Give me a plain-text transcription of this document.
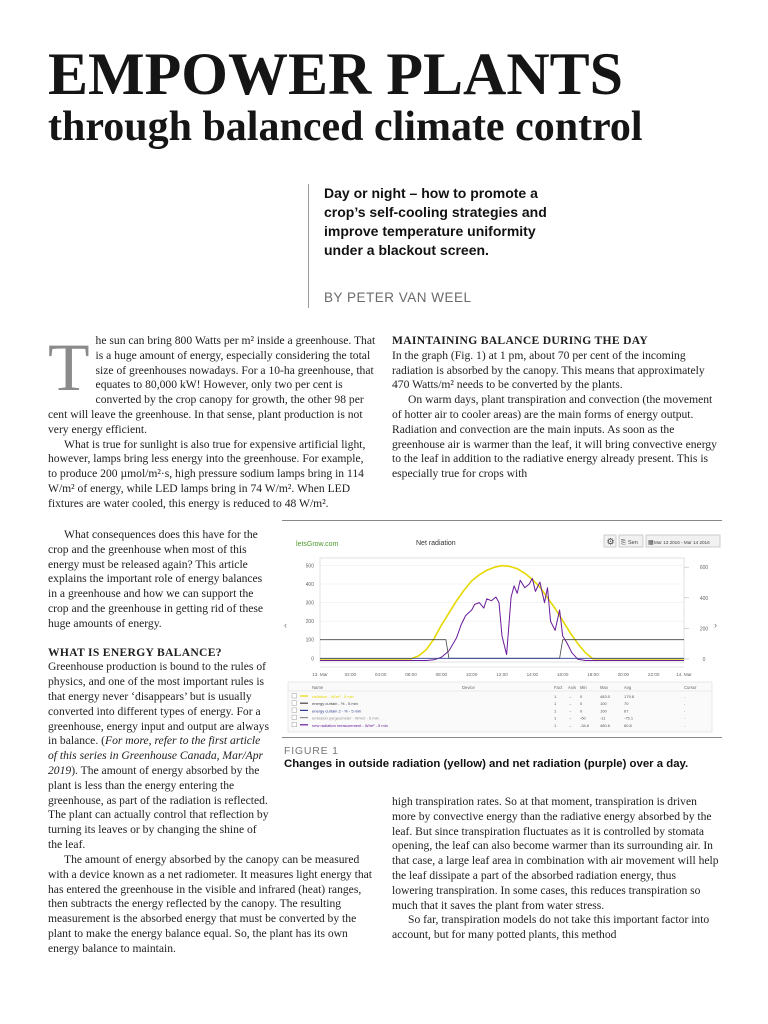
EMPOWER PLANTS
through balanced climate control

Day or night – how to promote a crop’s self-cooling strategies and improve temperature uniformity under a blackout screen.

BY PETER VAN WEEL

T he sun can bring 800 Watts per m² inside a greenhouse. That is a huge amount of energy, especially considering the total size of greenhouses nowadays. For a 10-ha greenhouse, that equates to 80,000 kW! However, only two per cent is converted by the crop canopy for growth, the other 98 per cent will leave the greenhouse. In that sense, plant production is not very energy efficient.

What is true for sunlight is also true for expensive artificial light, however, lamps bring less energy into the greenhouse. For example, to produce 200 µmol/m²·s, high pressure sodium lamps bring in 114 W/m² of energy, while LED lamps bring in 74 W/m². When LED fixtures are water cooled, this energy is reduced to 48 W/m².

What consequences does this have for the crop and the greenhouse when most of this energy must be released again? This article explains the important role of energy balances in a greenhouse and how we can support the crop and the greenhouse in getting rid of these huge amounts of energy.

WHAT IS ENERGY BALANCE?

Greenhouse production is bound to the rules of physics, and one of the most important rules is that energy never ‘disappears’ but is usually converted into different types of energy. For a greenhouse, energy input and output are always in balance. (For more, refer to the first article of this series in Greenhouse Canada, Mar/Apr 2019). The amount of energy absorbed by the plant is less than the energy entering the greenhouse, as part of the radiation is reflected. The plant can actually control that reflection by turning its leaves or by changing the shine of the leaf.

The amount of energy absorbed by the canopy can be measured with a device known as a net radiometer. It measures light energy that has entered the greenhouse in the visible and infrared (heat) ranges, then subtracts the energy reflected by the canopy. The resulting measurement is the absorbed energy that must be converted by the plant to make the energy balance equal. So, the plant has its own energy balance to maintain.

MAINTAINING BALANCE DURING THE DAY

In the graph (Fig. 1) at 1 pm, about 70 per cent of the incoming radiation is absorbed by the canopy. This means that approximately 470 Watts/m² needs to be converted by the plants.

On warm days, plant transpiration and convection (the movement of hotter air to cooler areas) are the main forms of energy output. Radiation and convection are the main inputs. As soon as the greenhouse air is warmer than the leaf, it will bring convective energy to the leaf in addition to the radiative energy already present. This is especially true for crops with

high transpiration rates. So at that moment, transpiration is driven more by convective energy than the radiative energy absorbed by the leaf. But since transpiration fluctuates as it is controlled by stomata opening, the leaf can also become warmer than its surrounding air. In that case, a large leaf area in combination with air movement will help the leaf dissipate a part of the absorbed radiation energy, thus lowering transpiration. In some cases, this reduces transpiration so much that it saves the plant from water stress.

So far, transpiration models do not take this important factor into account, but for many potted plants, this method

letsGrow.com	Net radiation	⚙ ⎘ Sen ▦ Mar 13 2016 - Mar 14 2016
‹	›
13. Mar	02:00	04:00	06:00	08:00	10:00	12:00	14:00	16:00	18:00	20:00	22:00	14. Mar
500
400
300
200
100
0
600
400
200
0
Name	Device	Fact Axis Min	Max	Avg	Cursor
radiation - W/m² - 5 min	1	→ 0	483.0	179.8	-
energy curtain - % - 5 min	1	→ 0	100	70	-
energy curtain 2 - % - 5 min	1	→ 0	100	67	-
emission pyrgeometer - W/m2 - 5 min	1	→ -60	-11	-75.1	-
new radiation measurement - W/m² - 5 min	1	→ -34.6	480.6	60.8	-

FIGURE 1

Changes in outside radiation (yellow) and net radiation (purple) over a day.
